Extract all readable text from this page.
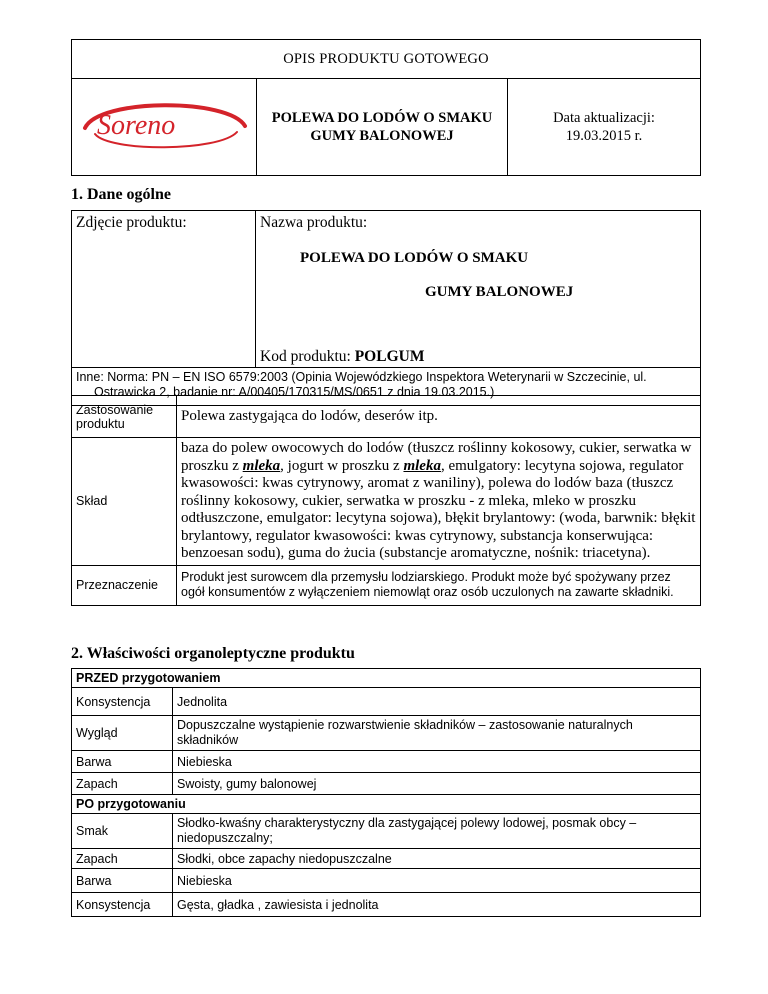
OPIS PRODUKTU GOTOWEGO

Soreno	POLEWA DO LODÓW O SMAKU
GUMY BALONOWEJ

Data aktualizacji:
19.03.2015 r.
1. Dane ogólne
Zdjęcie produktu:	Nazwa produktu:
POLEWA DO LODÓW O SMAKU
GUMY BALONOWEJ
Kod produktu: POLGUM

Inne: Norma: PN – EN ISO 6579:2003 (Opinia Wojewódzkiego Inspektora Weterynarii w Szczecinie, ul.
Ostrawicka 2, badanie nr: A/00405/170315/MS/0651 z dnia 19.03.2015.)
Zastosowanie produktu	Polewa zastygająca do lodów, deserów itp.
Skład	baza do polew owocowych do lodów (tłuszcz roślinny kokosowy, cukier, serwatka w proszku z mleka, jogurt w proszku z mleka, emulgatory: lecytyna sojowa, regulator kwasowości: kwas cytrynowy, aromat z waniliny), polewa do lodów baza (tłuszcz roślinny kokosowy, cukier, serwatka w proszku - z mleka, mleko w proszku odtłuszczone, emulgator: lecytyna sojowa), błękit brylantowy: (woda, barwnik: błękit brylantowy, regulator kwasowości: kwas cytrynowy, substancja konserwująca: benzoesan sodu), guma do żucia (substancje aromatyczne, nośnik: triacetyna).
Przeznaczenie	Produkt jest surowcem dla przemysłu lodziarskiego. Produkt może być spożywany przez ogół konsumentów z wyłączeniem niemowląt oraz osób uczulonych na zawarte składniki.
2. Właściwości organoleptyczne produktu
PRZED przygotowaniem	
Konsystencja	Jednolita
Wygląd	Dopuszczalne wystąpienie rozwarstwienie składników – zastosowanie naturalnych składników
Barwa	Niebieska
Zapach	Swoisty, gumy balonowej
PO przygotowaniu	
Smak	Słodko-kwaśny charakterystyczny dla zastygającej polewy lodowej, posmak obcy – niedopuszczalny;
Zapach	Słodki, obce zapachy niedopuszczalne
Barwa	Niebieska
Konsystencja	Gęsta, gładka , zawiesista i jednolita
